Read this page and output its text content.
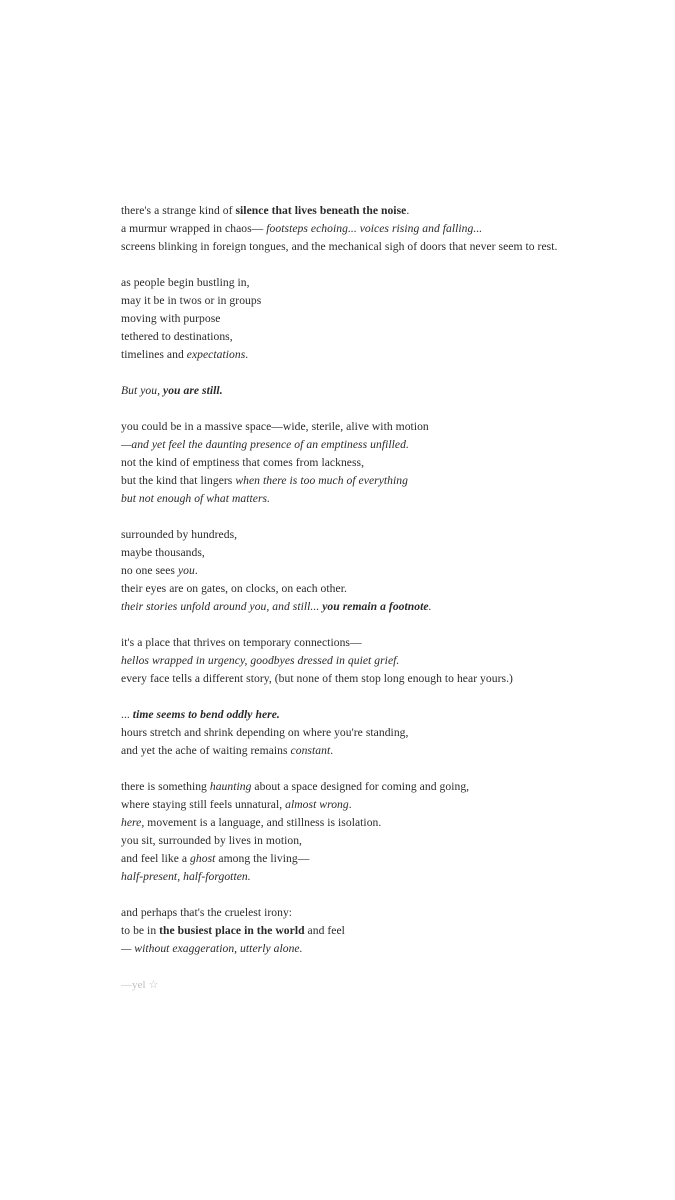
there's a strange kind of silence that lives beneath the noise.
a murmur wrapped in chaos— footsteps echoing... voices rising and falling...
screens blinking in foreign tongues, and the mechanical sigh of doors that never seem to rest.
as people begin bustling in,
may it be in twos or in groups
moving with purpose
tethered to destinations,
timelines and expectations.
But you, you are still.
you could be in a massive space—wide, sterile, alive with motion
—and yet feel the daunting presence of an emptiness unfilled.
not the kind of emptiness that comes from lackness,
but the kind that lingers when there is too much of everything
but not enough of what matters.
surrounded by hundreds,
maybe thousands,
no one sees you.
their eyes are on gates, on clocks, on each other.
their stories unfold around you, and still... you remain a footnote.
it's a place that thrives on temporary connections—
hellos wrapped in urgency, goodbyes dressed in quiet grief.
every face tells a different story, (but none of them stop long enough to hear yours.)
... time seems to bend oddly here.
hours stretch and shrink depending on where you're standing,
and yet the ache of waiting remains constant.
there is something haunting about a space designed for coming and going,
where staying still feels unnatural, almost wrong.
here, movement is a language, and stillness is isolation.
you sit, surrounded by lives in motion,
and feel like a ghost among the living—
half-present, half-forgotten.
and perhaps that's the cruelest irony:
to be in the busiest place in the world and feel
— without exaggeration, utterly alone.
—yel ☆
